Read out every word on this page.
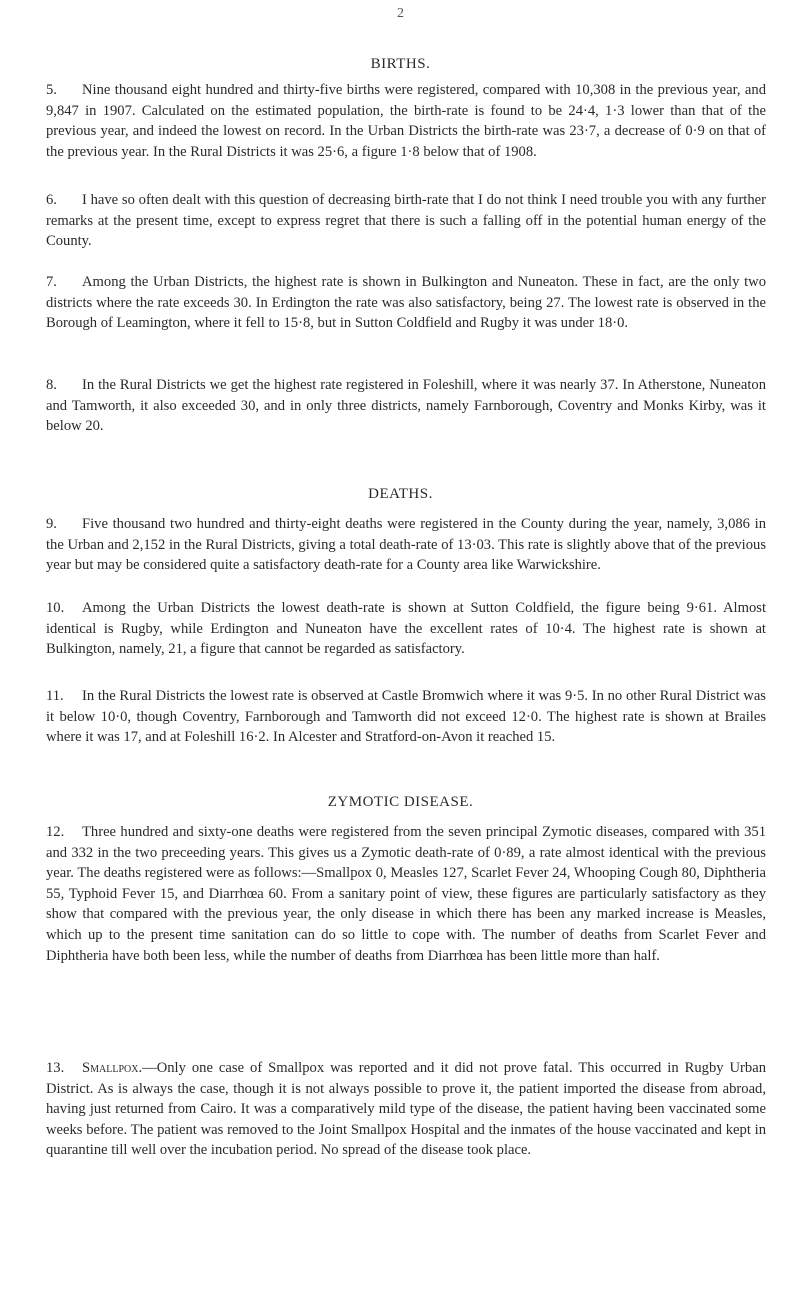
2
BIRTHS.

5. Nine thousand eight hundred and thirty-five births were registered, compared with 10,308 in the previous year, and 9,847 in 1907. Calculated on the estimated population, the birth-rate is found to be 24·4, 1·3 lower than that of the previous year, and indeed the lowest on record. In the Urban Districts the birth-rate was 23·7, a decrease of 0·9 on that of the previous year. In the Rural Districts it was 25·6, a figure 1·8 below that of 1908.

6. I have so often dealt with this question of decreasing birth-rate that I do not think I need trouble you with any further remarks at the present time, except to express regret that there is such a falling off in the potential human energy of the County.

7. Among the Urban Districts, the highest rate is shown in Bulkington and Nuneaton. These in fact, are the only two districts where the rate exceeds 30. In Erdington the rate was also satisfactory, being 27. The lowest rate is observed in the Borough of Leamington, where it fell to 15·8, but in Sutton Coldfield and Rugby it was under 18·0.

8. In the Rural Districts we get the highest rate registered in Foleshill, where it was nearly 37. In Atherstone, Nuneaton and Tamworth, it also exceeded 30, and in only three districts, namely Farnborough, Coventry and Monks Kirby, was it below 20.

DEATHS.

9. Five thousand two hundred and thirty-eight deaths were registered in the County during the year, namely, 3,086 in the Urban and 2,152 in the Rural Districts, giving a total death-rate of 13·03. This rate is slightly above that of the previous year but may be considered quite a satisfactory death-rate for a County area like Warwickshire.

10. Among the Urban Districts the lowest death-rate is shown at Sutton Coldfield, the figure being 9·61. Almost identical is Rugby, while Erdington and Nuneaton have the excellent rates of 10·4. The highest rate is shown at Bulkington, namely, 21, a figure that cannot be regarded as satisfactory.

11. In the Rural Districts the lowest rate is observed at Castle Bromwich where it was 9·5. In no other Rural District was it below 10·0, though Coventry, Farnborough and Tamworth did not exceed 12·0. The highest rate is shown at Brailes where it was 17, and at Foleshill 16·2. In Alcester and Stratford-on-Avon it reached 15.

ZYMOTIC DISEASE.

12. Three hundred and sixty-one deaths were registered from the seven principal Zymotic diseases, compared with 351 and 332 in the two preceeding years. This gives us a Zymotic death-rate of 0·89, a rate almost identical with the previous year. The deaths registered were as follows:—Smallpox 0, Measles 127, Scarlet Fever 24, Whooping Cough 80, Diphtheria 55, Typhoid Fever 15, and Diarrhœa 60. From a sanitary point of view, these figures are particularly satisfactory as they show that compared with the previous year, the only disease in which there has been any marked increase is Measles, which up to the present time sanitation can do so little to cope with. The number of deaths from Scarlet Fever and Diphtheria have both been less, while the number of deaths from Diarrhœa has been little more than half.

13. Smallpox.—Only one case of Smallpox was reported and it did not prove fatal. This occurred in Rugby Urban District. As is always the case, though it is not always possible to prove it, the patient imported the disease from abroad, having just returned from Cairo. It was a comparatively mild type of the disease, the patient having been vaccinated some weeks before. The patient was removed to the Joint Smallpox Hospital and the inmates of the house vaccinated and kept in quarantine till well over the incubation period. No spread of the disease took place.
